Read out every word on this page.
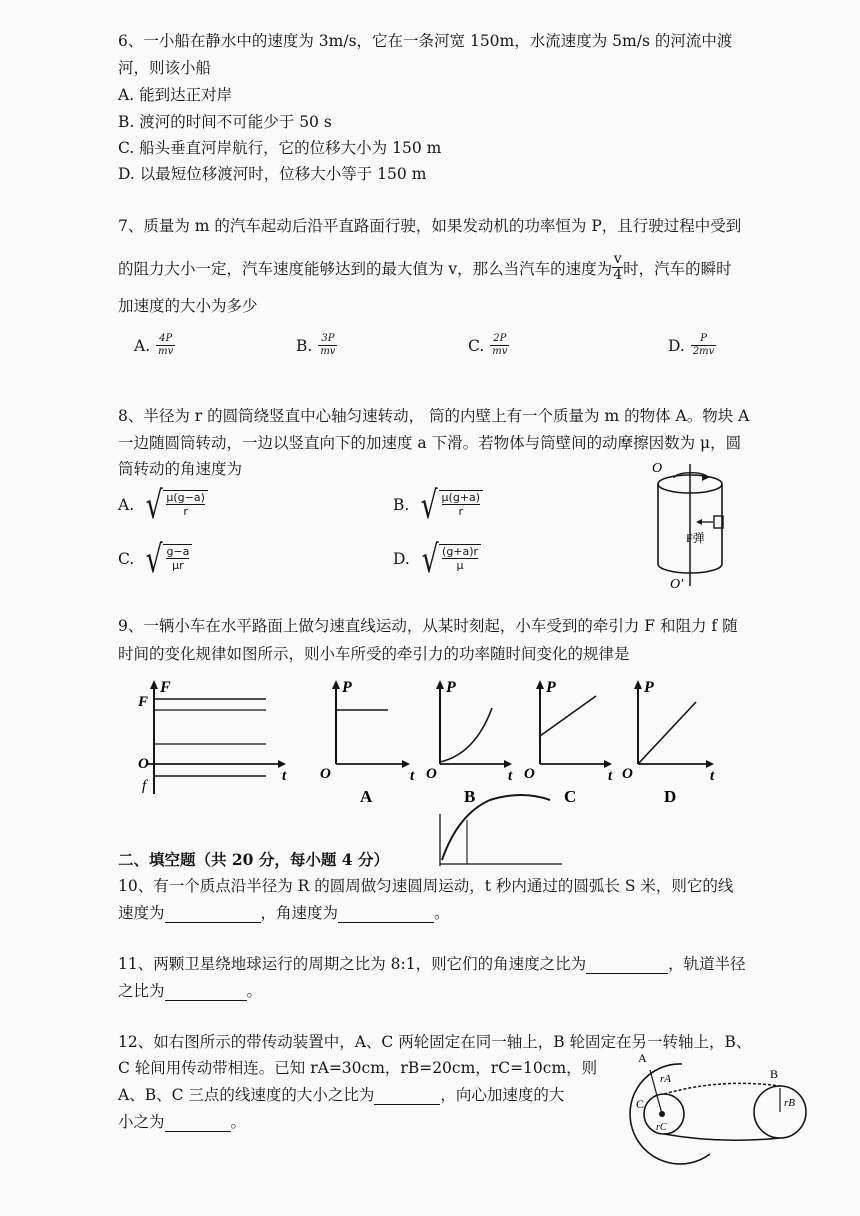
6、一小船在静水中的速度为 3m/s，它在一条河宽 150m，水流速度为 5m/s 的河流中渡
河，则该小船
A. 能到达正对岸
B. 渡河的时间不可能少于 50 s
C. 船头垂直河岸航行，它的位移大小为 150 m
D. 以最短位移渡河时，位移大小等于 150 m
7、质量为 m 的汽车起动后沿平直路面行驶，如果发动机的功率恒为 P，且行驶过程中受到
的阻力大小一定，汽车速度能够达到的最大值为 v，那么当汽车的速度为 $\frac{v}{4}$ 时，汽车的瞬时
加速度的大小为多少
A. $\frac{4P}{mv}$	B. $\frac{3P}{mv}$	C. $\frac{2P}{mv}$	D. $\frac{P}{2mv}$
8、半径为 r 的圆筒绕竖直中心轴匀速转动， 筒的内壁上有一个质量为 m 的物体 A。物块 A
一边随圆筒转动，一边以竖直向下的加速度 a 下滑。若物体与筒壁间的动摩擦因数为 μ，圆
筒转动的角速度为
A. √ $\frac{\mu(g-a)}{r}$	B. √ $\frac{\mu(g+a)}{r}$
C. √ $\frac{g-a}{\mu r}$	D. √ $\frac{(g+a)r}{\mu}$
O
O'
F弹
9、一辆小车在水平路面上做匀速直线运动，从某时刻起，小车受到的牵引力 F 和阻力 f 随
时间的变化规律如图所示，则小车所受的牵引力的功率随时间变化的规律是
F
F
O
f
t
P
O	t
A
P
O	t
B
P
O	t
C
P
O	t
D
二、填空题（共 20 分，每小题 4 分）
10、有一个质点沿半径为 R 的圆周做匀速圆周运动，t 秒内通过的圆弧长 S 米，则它的线
速度为	，角速度为	。
11、两颗卫星绕地球运行的周期之比为 8:1，则它们的角速度之比为	，轨道半径
之比为	。
12、如右图所示的带传动装置中，A、C 两轮固定在同一轴上，B 轮固定在另一转轴上，B、
C 轮间用传动带相连。已知 rA=30cm，rB=20cm，rC=10cm，则
A、B、C 三点的线速度的大小之比为	，向心加速度的大
小之为	。
A
B
C
rA
rB
rC
